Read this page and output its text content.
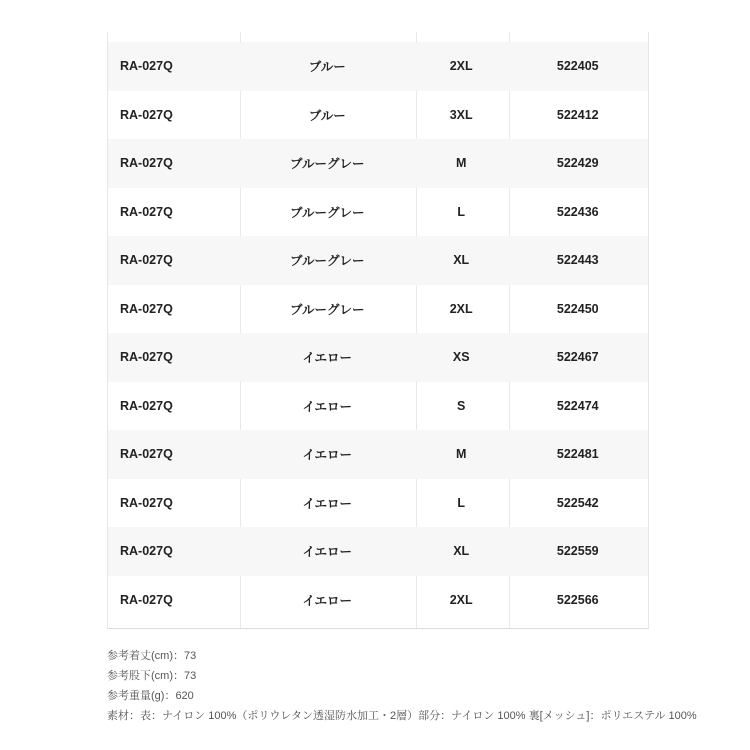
RA-027Q	ブルー	2XL	522405
RA-027Q	ブルー	3XL	522412
RA-027Q	ブルーグレー	M	522429
RA-027Q	ブルーグレー	L	522436
RA-027Q	ブルーグレー	XL	522443
RA-027Q	ブルーグレー	2XL	522450
RA-027Q	イエロー	XS	522467
RA-027Q	イエロー	S	522474
RA-027Q	イエロー	M	522481
RA-027Q	イエロー	L	522542
RA-027Q	イエロー	XL	522559
RA-027Q	イエロー	2XL	522566
参考着丈(cm)：73
参考股下(cm)：73
参考重量(g)：620
素材：表：ナイロン 100%（ポリウレタン透湿防水加工・2層）部分：ナイロン 100% 裏[メッシュ]：ポリエステル 100%
